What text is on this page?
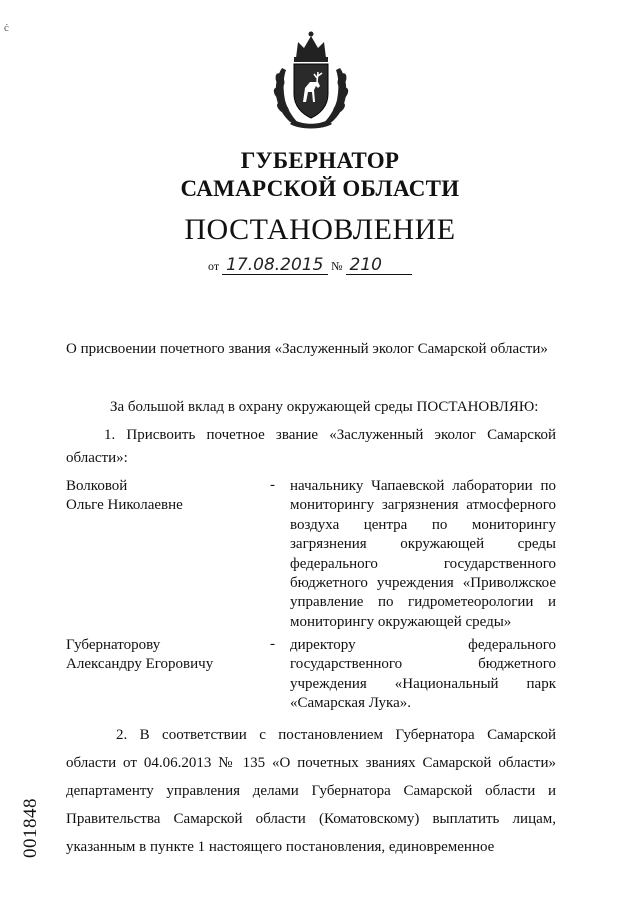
ċ
ГУБЕРНАТОР
САМАРСКОЙ ОБЛАСТИ
ПОСТАНОВЛЕНИЕ
от 17.08.2015 № 210
О присвоении почетного звания «Заслуженный эколог Самарской области»
За большой вклад в охрану окружающей среды ПОСТАНОВЛЯЮ:
1. Присвоить почетное звание «Заслуженный эколог Самарской области»:
Волковой
Ольге Николаевне
- начальнику Чапаевской лаборатории по мониторингу загрязнения атмосферного воздуха центра по мониторингу загрязнения окружающей среды федерального государственного бюджетного учреждения «Приволжское управление по гидрометеорологии и мониторингу окружающей среды»
Губернаторову
Александру Егоровичу
- директору федерального государственного бюджетного учреждения «Национальный парк «Самарская Лука».
2. В соответствии с постановлением Губернатора Самарской области от 04.06.2013 № 135 «О почетных званиях Самарской области» департаменту управления делами Губернатора Самарской области и Правительства Самарской области (Коматовскому) выплатить лицам, указанным в пункте 1 настоящего постановления, единовременное
001848
